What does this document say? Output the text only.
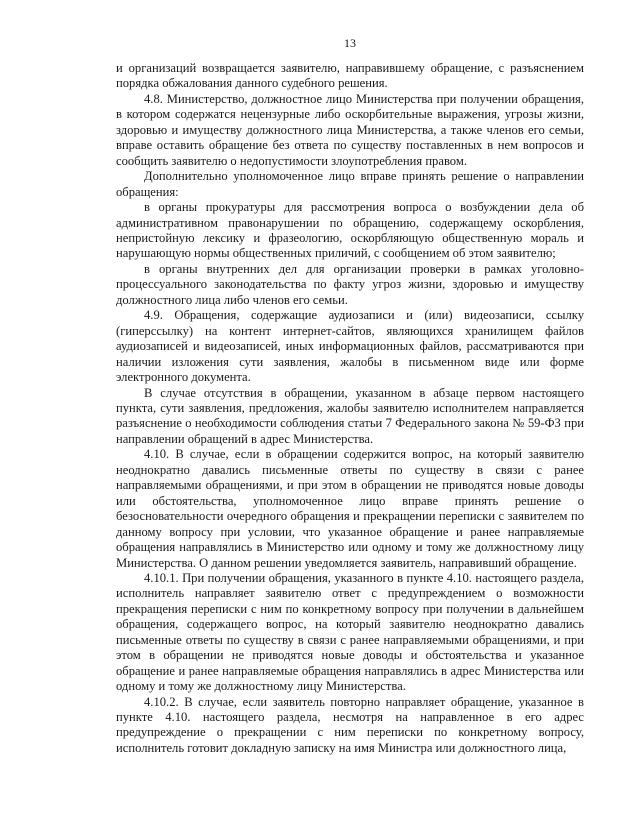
13

и организаций возвращается заявителю, направившему обращение, с разъяснением порядка обжалования данного судебного решения.

4.8. Министерство, должностное лицо Министерства при получении обращения, в котором содержатся нецензурные либо оскорбительные выражения, угрозы жизни, здоровью и имуществу должностного лица Министерства, а также членов его семьи, вправе оставить обращение без ответа по существу поставленных в нем вопросов и сообщить заявителю о недопустимости злоупотребления правом.

Дополнительно уполномоченное лицо вправе принять решение о направлении обращения:

в органы прокуратуры для рассмотрения вопроса о возбуждении дела об административном правонарушении по обращению, содержащему оскорбления, непристойную лексику и фразеологию, оскорбляющую общественную мораль и нарушающую нормы общественных приличий, с сообщением об этом заявителю;

в органы внутренних дел для организации проверки в рамках уголовно-процессуального законодательства по факту угроз жизни, здоровью и имуществу должностного лица либо членов его семьи.

4.9. Обращения, содержащие аудиозаписи и (или) видеозаписи, ссылку (гиперссылку) на контент интернет-сайтов, являющихся хранилищем файлов аудиозаписей и видеозаписей, иных информационных файлов, рассматриваются при наличии изложения сути заявления, жалобы в письменном виде или форме электронного документа.

В случае отсутствия в обращении, указанном в абзаце первом настоящего пункта, сути заявления, предложения, жалобы заявителю исполнителем направляется разъяснение о необходимости соблюдения статьи 7 Федерального закона № 59-ФЗ при направлении обращений в адрес Министерства.

4.10. В случае, если в обращении содержится вопрос, на который заявителю неоднократно давались письменные ответы по существу в связи с ранее направляемыми обращениями, и при этом в обращении не приводятся новые доводы или обстоятельства, уполномоченное лицо вправе принять решение о безосновательности очередного обращения и прекращении переписки с заявителем по данному вопросу при условии, что указанное обращение и ранее направляемые обращения направлялись в Министерство или одному и тому же должностному лицу Министерства. О данном решении уведомляется заявитель, направивший обращение.

4.10.1. При получении обращения, указанного в пункте 4.10. настоящего раздела, исполнитель направляет заявителю ответ с предупреждением о возможности прекращения переписки с ним по конкретному вопросу при получении в дальнейшем обращения, содержащего вопрос, на который заявителю неоднократно давались письменные ответы по существу в связи с ранее направляемыми обращениями, и при этом в обращении не приводятся новые доводы и обстоятельства и указанное обращение и ранее направляемые обращения направлялись в адрес Министерства или одному и тому же должностному лицу Министерства.

4.10.2. В случае, если заявитель повторно направляет обращение, указанное в пункте 4.10. настоящего раздела, несмотря на направленное в его адрес предупреждение о прекращении с ним переписки по конкретному вопросу, исполнитель готовит докладную записку на имя Министра или должностного лица,
